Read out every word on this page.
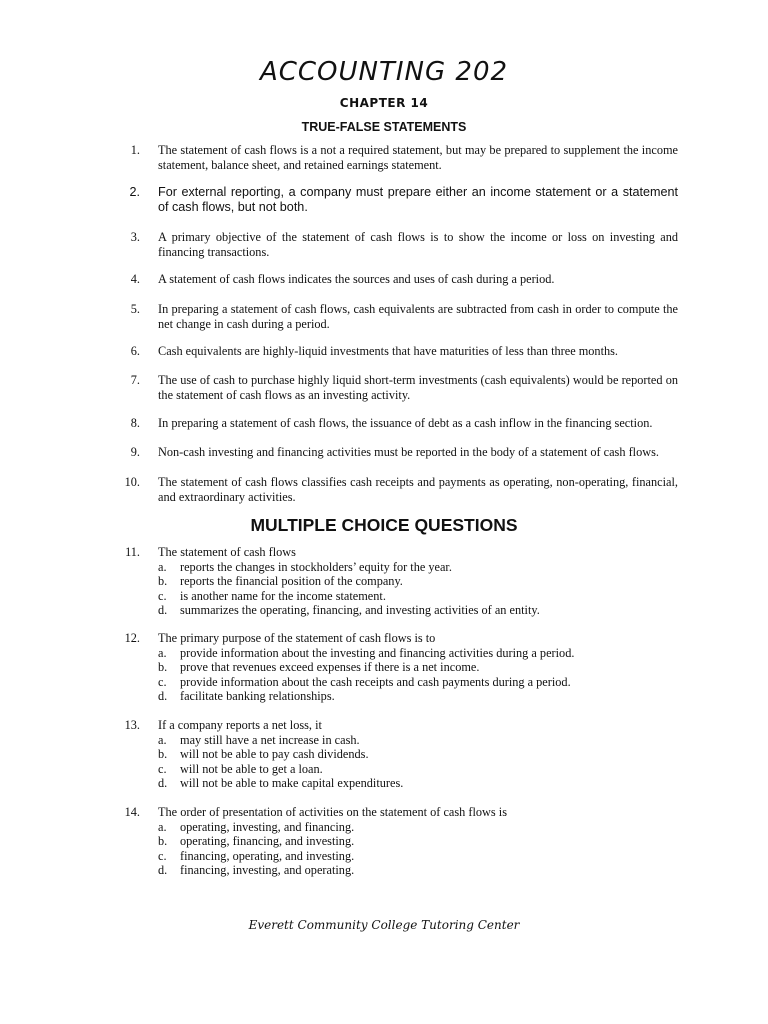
ACCOUNTING 202
CHAPTER 14
TRUE-FALSE STATEMENTS
1. The statement of cash flows is a not a required statement, but may be prepared to supplement the income statement, balance sheet, and retained earnings statement.
2. For external reporting, a company must prepare either an income statement or a statement of cash flows, but not both.
3. A primary objective of the statement of cash flows is to show the income or loss on investing and financing transactions.
4. A statement of cash flows indicates the sources and uses of cash during a period.
5. In preparing a statement of cash flows, cash equivalents are subtracted from cash in order to compute the net change in cash during a period.
6. Cash equivalents are highly-liquid investments that have maturities of less than three months.
7. The use of cash to purchase highly liquid short-term investments (cash equivalents) would be reported on the statement of cash flows as an investing activity.
8. In preparing a statement of cash flows, the issuance of debt as a cash inflow in the financing section.
9. Non-cash investing and financing activities must be reported in the body of a statement of cash flows.
10. The statement of cash flows classifies cash receipts and payments as operating, non-operating, financial, and extraordinary activities.
MULTIPLE CHOICE QUESTIONS
11. The statement of cash flows
a. reports the changes in stockholders’ equity for the year.
b. reports the financial position of the company.
c. is another name for the income statement.
d. summarizes the operating, financing, and investing activities of an entity.
12. The primary purpose of the statement of cash flows is to
a. provide information about the investing and financing activities during a period.
b. prove that revenues exceed expenses if there is a net income.
c. provide information about the cash receipts and cash payments during a period.
d. facilitate banking relationships.
13. If a company reports a net loss, it
a. may still have a net increase in cash.
b. will not be able to pay cash dividends.
c. will not be able to get a loan.
d. will not be able to make capital expenditures.
14. The order of presentation of activities on the statement of cash flows is
a. operating, investing, and financing.
b. operating, financing, and investing.
c. financing, operating, and investing.
d. financing, investing, and operating.
Everett Community College Tutoring Center
